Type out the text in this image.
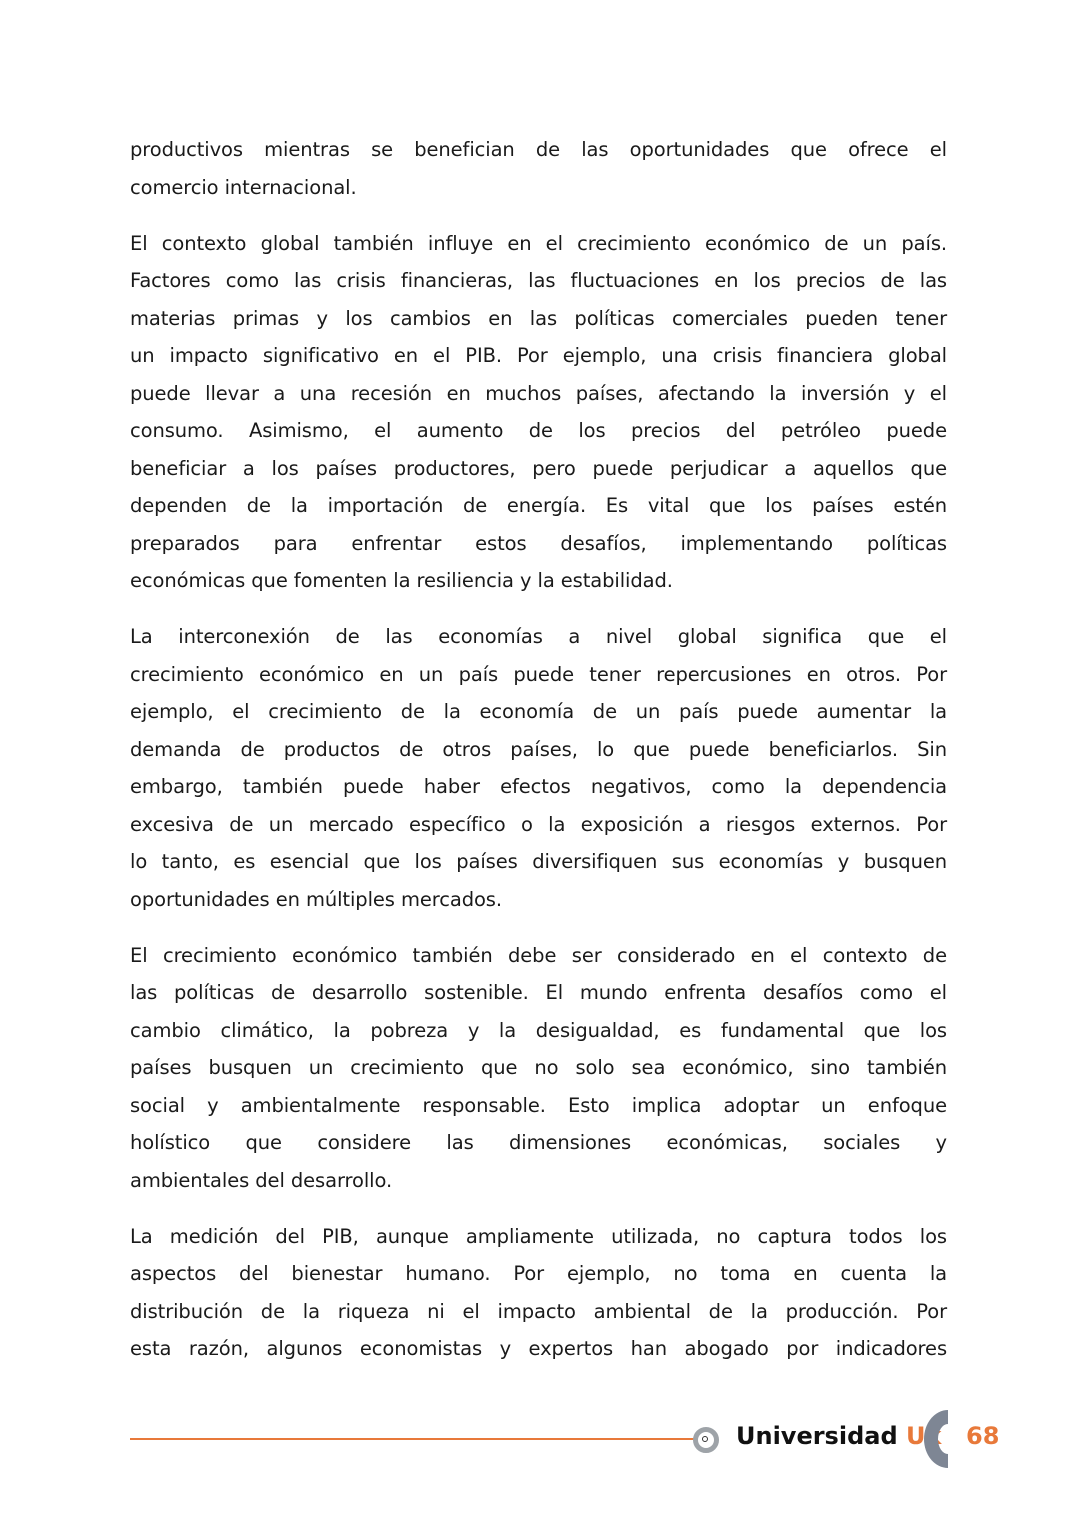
productivos mientras se benefician de las oportunidades que ofrece el
comercio internacional.
El contexto global también influye en el crecimiento económico de un país.
Factores como las crisis financieras, las fluctuaciones en los precios de las
materias primas y los cambios en las políticas comerciales pueden tener
un impacto significativo en el PIB. Por ejemplo, una crisis financiera global
puede llevar a una recesión en muchos países, afectando la inversión y el
consumo. Asimismo, el aumento de los precios del petróleo puede
beneficiar a los países productores, pero puede perjudicar a aquellos que
dependen de la importación de energía. Es vital que los países estén
preparados para enfrentar estos desafíos, implementando políticas
económicas que fomenten la resiliencia y la estabilidad.
La interconexión de las economías a nivel global significa que el
crecimiento económico en un país puede tener repercusiones en otros. Por
ejemplo, el crecimiento de la economía de un país puede aumentar la
demanda de productos de otros países, lo que puede beneficiarlos. Sin
embargo, también puede haber efectos negativos, como la dependencia
excesiva de un mercado específico o la exposición a riesgos externos. Por
lo tanto, es esencial que los países diversifiquen sus economías y busquen
oportunidades en múltiples mercados.
El crecimiento económico también debe ser considerado en el contexto de
las políticas de desarrollo sostenible. El mundo enfrenta desafíos como el
cambio climático, la pobreza y la desigualdad, es fundamental que los
países busquen un crecimiento que no solo sea económico, sino también
social y ambientalmente responsable. Esto implica adoptar un enfoque
holístico que considere las dimensiones económicas, sociales y
ambientales del desarrollo.
La medición del PIB, aunque ampliamente utilizada, no captura todos los
aspectos del bienestar humano. Por ejemplo, no toma en cuenta la
distribución de la riqueza ni el impacto ambiental de la producción. Por
esta razón, algunos economistas y expertos han abogado por indicadores
Universidad Uk 68
